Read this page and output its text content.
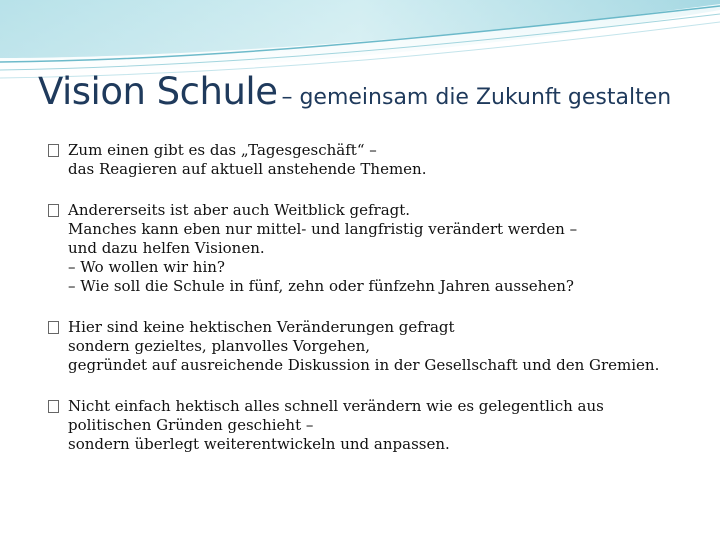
Vision Schule – gemeinsam die Zukunft gestalten
Zum einen gibt es das „Tagesgeschäft“ –
das Reagieren auf aktuell anstehende Themen.
Andererseits ist aber auch Weitblick gefragt.
Manches kann eben nur mittel- und langfristig verändert werden –
und dazu helfen Visionen.
– Wo wollen wir hin?
– Wie soll die Schule in fünf, zehn oder fünfzehn Jahren aussehen?
Hier sind keine hektischen Veränderungen gefragt
sondern gezieltes, planvolles Vorgehen,
gegründet auf ausreichende Diskussion in der Gesellschaft und den Gremien.
Nicht einfach hektisch alles schnell verändern wie es gelegentlich aus
politischen Gründen geschieht –
sondern überlegt weiterentwickeln und anpassen.
